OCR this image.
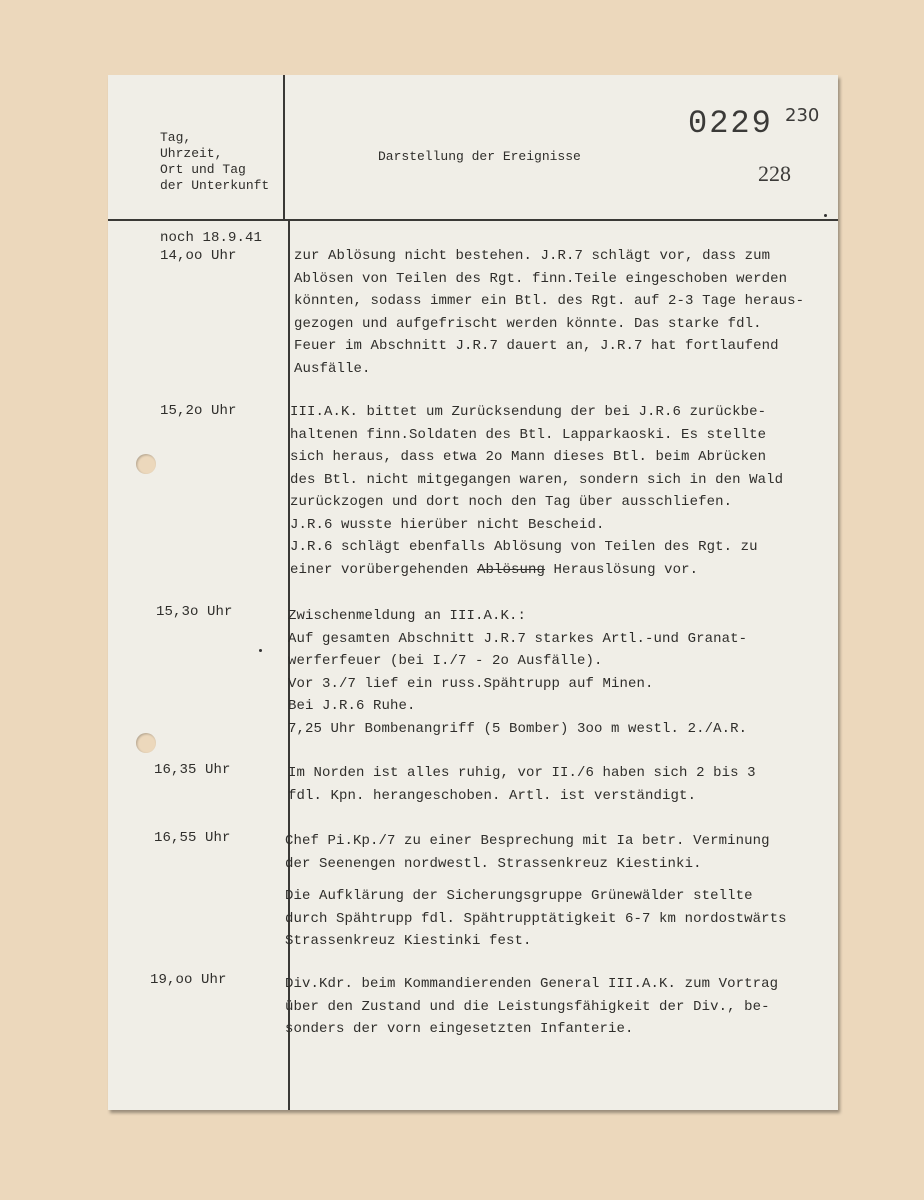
Tag,
Uhrzeit,
Ort und Tag
der Unterkunft
Darstellung der Ereignisse
0229 230
228
noch 18.9.41
14,oo Uhr	zur Ablösung nicht bestehen. J.R.7 schlägt vor, dass zum
Ablösen von Teilen des Rgt. finn.Teile eingeschoben werden
könnten, sodass immer ein Btl. des Rgt. auf 2-3 Tage heraus-
gezogen und aufgefrischt werden könnte. Das starke fdl.
Feuer im Abschnitt J.R.7 dauert an, J.R.7 hat fortlaufend
Ausfälle.
15,2o Uhr	III.A.K. bittet um Zurücksendung der bei J.R.6 zurückbe-
haltenen finn.Soldaten des Btl. Lapparkaoski. Es stellte
sich heraus, dass etwa 2o Mann dieses Btl. beim Abrücken
des Btl. nicht mitgegangen waren, sondern sich in den Wald
zurückzogen und dort noch den Tag über ausschliefen.
J.R.6 wusste hierüber nicht Bescheid.
J.R.6 schlägt ebenfalls Ablösung von Teilen des Rgt. zu
einer vorübergehenden Ablösung Herauslösung vor.
15,3o Uhr	Zwischenmeldung an III.A.K.:
Auf gesamten Abschnitt J.R.7 starkes Artl.-und Granat-
werferfeuer (bei I./7 - 2o Ausfälle).
Vor 3./7 lief ein russ.Spähtrupp auf Minen.
Bei J.R.6 Ruhe.
7,25 Uhr Bombenangriff (5 Bomber) 3oo m westl. 2./A.R.
16,35 Uhr	Im Norden ist alles ruhig, vor II./6 haben sich 2 bis 3
fdl. Kpn. herangeschoben. Artl. ist verständigt.
16,55 Uhr	Chef Pi.Kp./7 zu einer Besprechung mit Ia betr. Verminung
der Seenengen nordwestl. Strassenkreuz Kiestinki.
Die Aufklärung der Sicherungsgruppe Grünewälder stellte
durch Spähtrupp fdl. Spähtrupptätigkeit 6-7 km nordostwärts
Strassenkreuz Kiestinki fest.
19,oo Uhr	Div.Kdr. beim Kommandierenden General III.A.K. zum Vortrag
über den Zustand und die Leistungsfähigkeit der Div., be-
sonders der vorn eingesetzten Infanterie.
